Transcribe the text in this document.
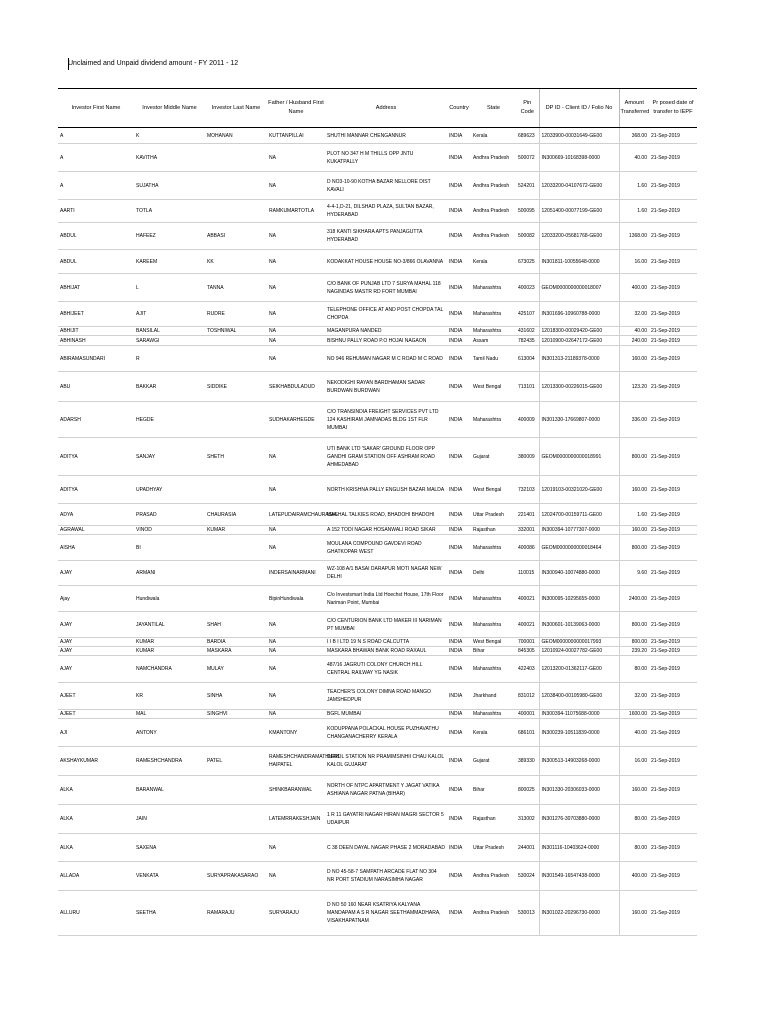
Unclaimed and Unpaid dividend amount - FY 2011 - 12
Investor First Name	Investor Middle Name	Investor Last Name	Father / Husband First Name	Address	Country	State	Pin Code	DP ID - Client ID / Folio No	Amount Transferred	Pr posed date of transfer to IEPF
A	K	MOHANAN	KUTTANPILLAI	SHUTHI MANNAR CHENGANNUR	INDIA	Kerala	689623	12033900-00031649-GE00	368.00	21-Sep-2019
A	KAVITHA		NA	PLOT NO 347 H M THILLS OPP JNTU KUKATPALLY	INDIA	Andhra Pradesh	500072	IN300669-10168398-0000	40.00	21-Sep-2019
A	SUJATHA		NA	D NO3-10-90 KOTHA BAZAR NELLORE DIST KAVALI	INDIA	Andhra Pradesh	524201	12033200-04107672-GE00	1.60	21-Sep-2019
AARTI	TOTLA		RAMKUMARTOTLA	4-4-1,D-21, DILSHAD PLAZA, SULTAN BAZAR, HYDERABAD	INDIA	Andhra Pradesh	500095	12051400-00077199-GE00	1.60	21-Sep-2019
ABDUL	HAFEEZ	ABBASI	NA	318 KANTI SIKHARA APTS PANJAGUTTA HYDERABAD	INDIA	Andhra Pradesh	500082	12033200-05681768-GE00	1368.00	21-Sep-2019
ABDUL	KAREEM	KK	NA	KODAKKAT HOUSE HOUSE NO-3/866 OLAVANNA	INDIA	Kerala	673025	IN301811-10055648-0000	16.00	21-Sep-2019
ABHIJAT	L	TANNA	NA	C/O BANK OF PUNJAB LTD 7 SURYA MAHAL 118 NAGINDAS MASTR RD FORT MUMBAI	INDIA	Maharashtra	400023	GEOM0000000000018007	400.00	21-Sep-2019
ABHIJEET	AJIT	RUDRE	NA	TELEPHONE OFFICE AT AND POST CHOPDA TAL CHOPDA	INDIA	Maharashtra	425107	IN301696-10960788-0000	32.00	21-Sep-2019
ABHIJIT	BANSILAL	TOSHNIWAL	NA	MAGANPURA NANDED	INDIA	Maharashtra	431602	12018300-00029420-GE00	40.00	21-Sep-2019
ABHINASH	SARAWGI		NA	BISHNU PALLY ROAD P.O HOJAI NAGAON	INDIA	Assam	782435	12010900-02647172-GE00	240.00	21-Sep-2019
ABIRAMASUNDARI	R		NA	NO 946 REHUMAN NAGAR M C ROAD M C ROAD	INDIA	Tamil Nadu	613004	IN301313-21189378-0000	160.00	21-Sep-2019
ABU	BAKKAR	SIDDIKE	SEIKHABDULADUD	NEKODIGHI RAYAN BARDHAMAN SADAR BURDWAN BURDWAN	INDIA	West Bengal	713101	12013300-00226015-GE00	123.20	21-Sep-2019
ADARSH	HEGDE		SUDHAKARHEGDE	C/O TRANSINDIA FREIGHT SERVICES PVT LTD 124 KASHIRAM JAMNADAS BLDG 1ST FLR MUMBAI	INDIA	Maharashtra	400009	IN301330-17669807-0000	336.00	21-Sep-2019
ADITYA	SANJAY	SHETH	NA	UTI BANK LTD 'SAKAR' GROUND FLOOR OPP GANDHI GRAM STATION OFF ASHRAM ROAD AHMEDABAD	INDIA	Gujarat	380009	GEOM0000000000018991	800.00	21-Sep-2019
ADITYA	UPADHYAY		NA	NORTH KRISHNA PALLY ENGLISH BAZAR MALDA	INDIA	West Bengal	732103	12019103-00321020-GE00	160.00	21-Sep-2019
ADYA	PRASAD	CHAURASIA	LATEPUDAIRAMCHAURASIA	MASHAL TALKIES ROAD, BHADOHI BHADOHI	INDIA	Uttar Pradesh	221401	12024700-00159711-GE00	1.60	21-Sep-2019
AGRAWAL	VINOD	KUMAR	NA	A 152 TODI NAGAR HOSANWALI ROAD SIKAR	INDIA	Rajasthan	332001	IN300394-10777307-0000	160.00	21-Sep-2019
AISHA	BI		NA	MOULANA COMPOUND GAVDEVI ROAD GHATKOPAR WEST	INDIA	Maharashtra	400086	GEOM0000000000018464	800.00	21-Sep-2019
AJAY	ARMANI		INDERSAINARMANI	WZ-108 A/1 BASAI DARAPUR MOTI NAGAR NEW DELHI	INDIA	Delhi	110015	IN300940-10074880-0000	9.60	21-Sep-2019
Ajay	Hundiwala		BipinHundiwala	C/o Investsmart India Ltd Hoechst House, 17th Floor Nariman Point, Mumbai	INDIA	Maharashtra	400021	IN300095-10295655-0000	2400.00	21-Sep-2019
AJAY	JAYANTILAL	SHAH	NA	C/O CENTURION BANK LTD MAKER III NARIMAN PT MUMBAI	INDIA	Maharashtra	400021	IN300601-10139063-0000	800.00	21-Sep-2019
AJAY	KUMAR	BARDIA	NA	I I B I LTD 19 N S ROAD CALCUTTA	INDIA	West Bengal	700001	GEOM0000000000017993	800.00	21-Sep-2019
AJAY	KUMAR	MASKARA	NA	MASKARA BHAWAN BANK ROAD RAXAUL	INDIA	Bihar	845305	12010924-00027782-GE00	239.20	21-Sep-2019
AJAY	NAMCHANDRA	MULAY	NA	487/16 JAGRUTI COLONY CHURCH HILL CENTRAL RAILWAY YG NASIK	INDIA	Maharashtra	422403	12013200-01362117-GE00	80.00	21-Sep-2019
AJEET	KR	SINHA	NA	TEACHER'S COLONY DIMNA ROAD MANGO JAMSHEDPUR	INDIA	Jharkhand	831012	12038400-00105980-GE00	32.00	21-Sep-2019
AJEET	MAL	SINGHVI	NA	BGFL MUMBAI	INDIA	Maharashtra	400001	IN300394-11075688-0000	1600.00	21-Sep-2019
AJI	ANTONY		KMANTONY	KODUPPANA POLACKAL HOUSE PUZHAVATHU CHANGANACHERRY KERALA	INDIA	Kerala	686101	IN300239-10511839-0000	40.00	21-Sep-2019
AKSHAYKUMAR	RAMESHCHANDRA	PATEL	RAMESHCHANDRAMATHURB HAIPATEL	DEROL STATION NR PRAMIMSINHII CHAU KALOL KALOL GUJARAT	INDIA	Gujarat	389330	IN300513-14903268-0000	16.00	21-Sep-2019
ALKA	BARANWAL		SHINKBARANWAL	NORTH OF NTPC APARTMENT Y JAGAT VATIKA ASHIANA NAGAR PATNA (BIHAR)	INDIA	Bihar	800025	IN301330-20306033-0000	160.00	21-Sep-2019
ALKA	JAIN		LATEMRRAKESHJAIN	1 R 11 GAYATRI NAGAR HIRAN MAGRI SECTOR 5 UDAIPUR	INDIA	Rajasthan	313002	IN301276-30703880-0000	80.00	21-Sep-2019
ALKA	SAXENA		NA	C 38 DEEN DAYAL NAGAR PHASE 2 MORADABAD	INDIA	Uttar Pradesh	244001	IN301116-10403624-0000	80.00	21-Sep-2019
ALLADA	VENKATA	SURYAPRAKASARAO	NA	D NO 45-58-7 SAMPATH ARCADE FLAT NO 304 NR PORT STADIUM NARASIMHA NAGAR	INDIA	Andhra Pradesh	530024	IN301549-16547438-0000	400.00	21-Sep-2019
ALLURU	SEETHA	RAMARAJU	SURYARAJU	D NO 50 160 NEAR KSATRIYA KALYANA MANDAPAM A S R NAGAR SEETHAMMADHARA, VISAKHAPATNAM	INDIA	Andhra Pradesh	530013	IN301022-20296730-0000	160.00	21-Sep-2019
